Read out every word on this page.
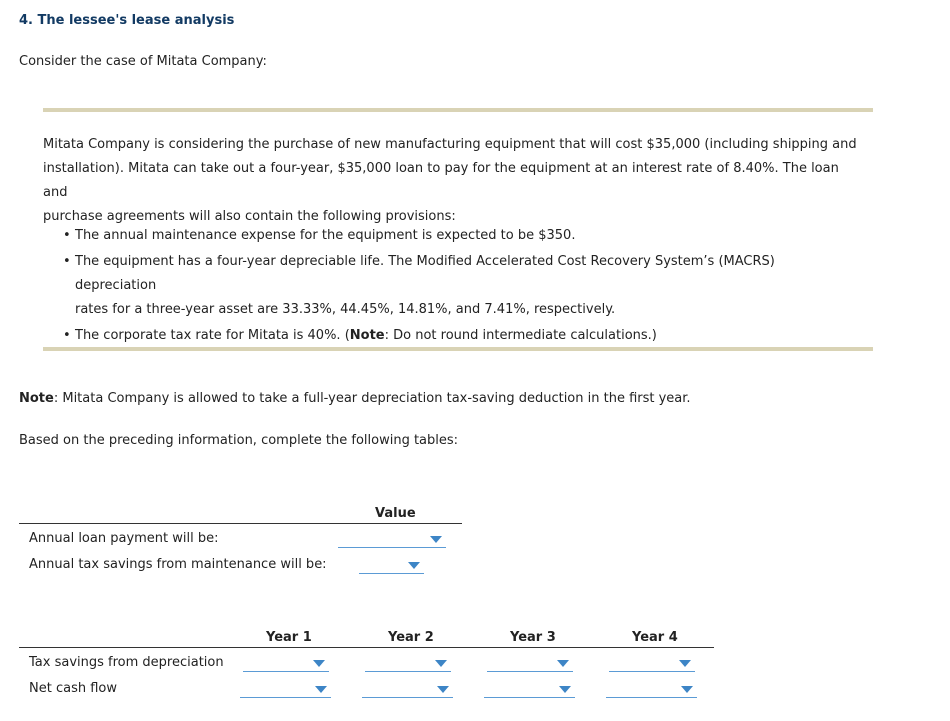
4. The lessee's lease analysis
Consider the case of Mitata Company:
Mitata Company is considering the purchase of new manufacturing equipment that will cost $35,000 (including shipping and
installation). Mitata can take out a four-year, $35,000 loan to pay for the equipment at an interest rate of 8.40%. The loan and
purchase agreements will also contain the following provisions:
• The annual maintenance expense for the equipment is expected to be $350.
• The equipment has a four-year depreciable life. The Modified Accelerated Cost Recovery System’s (MACRS) depreciation
rates for a three-year asset are 33.33%, 44.45%, 14.81%, and 7.41%, respectively.
• The corporate tax rate for Mitata is 40%. (Note: Do not round intermediate calculations.)
Note: Mitata Company is allowed to take a full-year depreciation tax-saving deduction in the first year.
Based on the preceding information, complete the following tables:
Value
Annual loan payment will be:
Annual tax savings from maintenance will be:
Year 1	Year 2	Year 3	Year 4
Tax savings from depreciation
Net cash flow
